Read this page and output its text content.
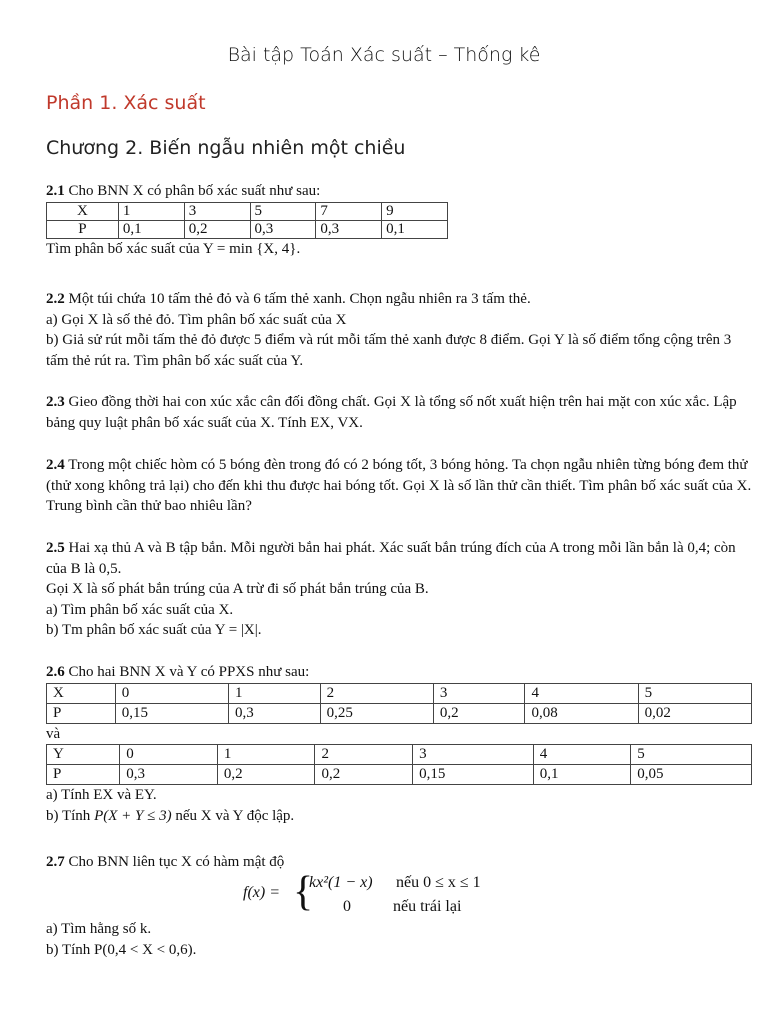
Bài tập Toán Xác suất – Thống kê
Phần 1. Xác suất
Chương 2. Biến ngẫu nhiên một chiều

2.1 Cho BNN X có phân bố xác suất như sau:

X	1	3	5	7	9
P	0,1	0,2	0,3	0,3	0,1

Tìm phân bố xác suất của Y = min {X, 4}.

2.2 Một túi chứa 10 tấm thẻ đỏ và 6 tấm thẻ xanh. Chọn ngẫu nhiên ra 3 tấm thẻ.

a) Gọi X là số thẻ đỏ. Tìm phân bố xác suất của X

b) Giả sử rút mỗi tấm thẻ đỏ được 5 điểm và rút mỗi tấm thẻ xanh được 8 điểm. Gọi Y là số điểm tổng cộng trên 3 tấm thẻ rút ra. Tìm phân bố xác suất của Y.

2.3 Gieo đồng thời hai con xúc xắc cân đối đồng chất. Gọi X là tổng số nốt xuất hiện trên hai mặt con xúc xắc. Lập bảng quy luật phân bố xác suất của X. Tính EX, VX.

2.4 Trong một chiếc hòm có 5 bóng đèn trong đó có 2 bóng tốt, 3 bóng hỏng. Ta chọn ngẫu nhiên từng bóng đem thử (thử xong không trả lại) cho đến khi thu được hai bóng tốt. Gọi X là số lần thử cần thiết. Tìm phân bố xác suất của X. Trung bình cần thử bao nhiêu lần?

2.5 Hai xạ thủ A và B tập bắn. Mỗi người bắn hai phát. Xác suất bắn trúng đích của A trong mỗi lần bắn là 0,4; còn của B là 0,5.

Gọi X là số phát bắn trúng của A trừ đi số phát bắn trúng của B.

a) Tìm phân bố xác suất của X.

b) Tm phân bố xác suất của Y = |X|.

2.6 Cho hai BNN X và Y có PPXS như sau:

X	0	1	2	3	4	5
P	0,15	0,3	0,25	0,2	0,08	0,02

và

Y	0	1	2	3	4	5
P	0,3	0,2	0,2	0,15	0,1	0,05

a) Tính EX và EY.

b) Tính P(X + Y ≤ 3) nếu X và Y độc lập.

2.7 Cho BNN liên tục X có hàm mật độ

f(x) = {
kx²(1 − x) nếu 0 ≤ x ≤ 1
0	nếu trái lại

a) Tìm hằng số k.

b) Tính P(0,4 < X < 0,6).
